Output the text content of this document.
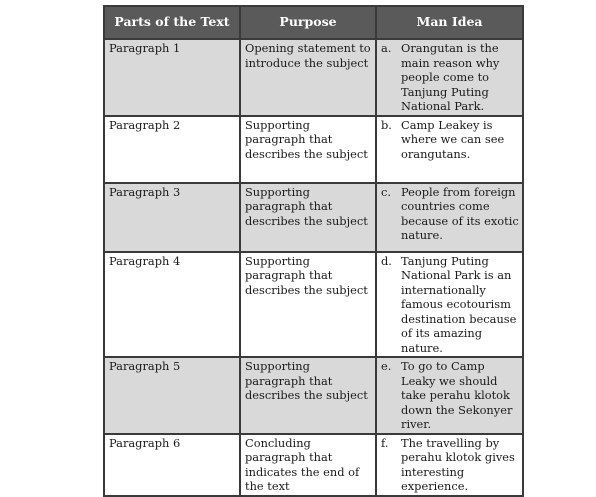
Parts of the Text	Purpose	Man Idea
Paragraph 1	Opening statement to introduce the subject	a. Orangutan is the main reason why people come to Tanjung Puting National Park.

Paragraph 2	Supporting paragraph that describes the subject	b. Camp Leakey is where we can see orangutans.

Paragraph 3	Supporting paragraph that describes the subject	c. People from foreign countries come because of its exotic nature.

Paragraph 4	Supporting paragraph that describes the subject	d. Tanjung Puting National Park is an internationally famous ecotourism destination because of its amazing nature.

Paragraph 5	Supporting paragraph that describes the subject	e. To go to Camp Leaky we should take perahu klotok down the Sekonyer river.

Paragraph 6	Concluding paragraph that indicates the end of the text	f. The travelling by perahu klotok gives interesting experience.
